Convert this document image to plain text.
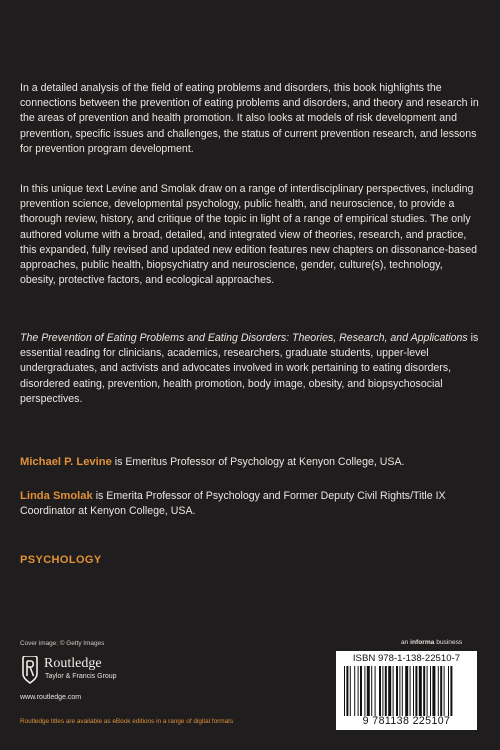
In a detailed analysis of the field of eating problems and disorders, this book highlights the connections between the prevention of eating problems and disorders, and theory and research in the areas of prevention and health promotion. It also looks at models of risk development and prevention, specific issues and challenges, the status of current prevention research, and lessons for prevention program development.

In this unique text Levine and Smolak draw on a range of interdisciplinary perspectives, including prevention science, developmental psychology, public health, and neuroscience, to provide a thorough review, history, and critique of the topic in light of a range of empirical studies. The only authored volume with a broad, detailed, and integrated view of theories, research, and practice, this expanded, fully revised and updated new edition features new chapters on dissonance-based approaches, public health, biopsychiatry and neuroscience, gender, culture(s), technology, obesity, protective factors, and ecological approaches.

The Prevention of Eating Problems and Eating Disorders: Theories, Research, and Applications is essential reading for clinicians, academics, researchers, graduate students, upper-level undergraduates, and activists and advocates involved in work pertaining to eating disorders, disordered eating, prevention, health promotion, body image, obesity, and biopsychosocial perspectives.

Michael P. Levine is Emeritus Professor of Psychology at Kenyon College, USA.

Linda Smolak is Emerita Professor of Psychology and Former Deputy Civil Rights/Title IX Coordinator at Kenyon College, USA.

PSYCHOLOGY

Cover image: © Getty Images
Routledge
Taylor & Francis Group
www.routledge.com
Routledge titles are available as eBook editions in a range of digital formats
an informa business
ISBN 978-1-138-22510-7
9 781138 225107
